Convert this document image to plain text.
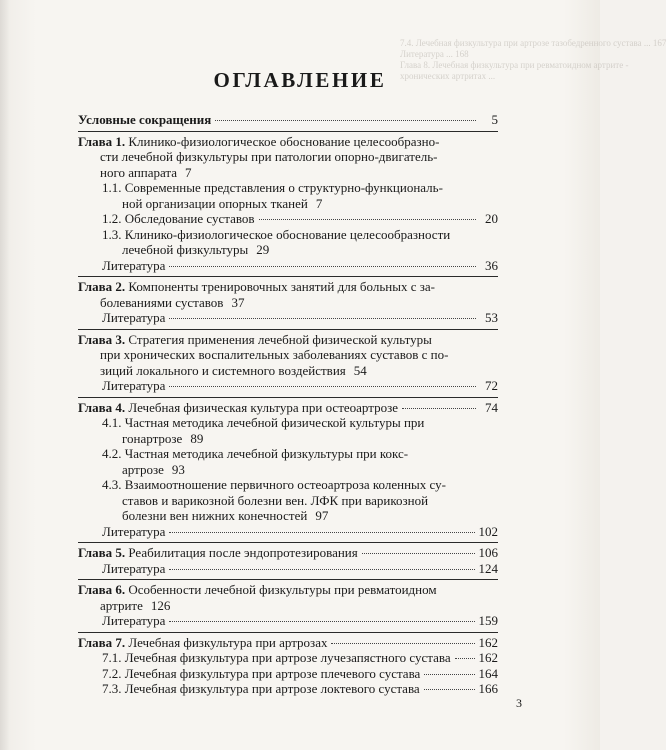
7.4. Лечебная физкультура при артрозе тазобедренного сустава ... 167
Литература ... 168
Глава 8. Лечебная физкультура при ревматоидном артрите -
хронических артритах ...
ОГЛАВЛЕНИЕ
Условные сокращения	5
Глава 1. Клинико-физиологическое обоснование целесообразно-
сти лечебной физкультуры при патологии опорно-двигатель-
ного аппарата 7
1.1. Современные представления о структурно-функциональ-
ной организации опорных тканей 7
1.2. Обследование суставов	20
1.3. Клинико-физиологическое обоснование целесообразности
лечебной физкультуры 29
Литература	36
Глава 2. Компоненты тренировочных занятий для больных с за-
болеваниями суставов 37
Литература	53
Глава 3. Стратегия применения лечебной физической культуры
при хронических воспалительных заболеваниях суставов с по-
зиций локального и системного воздействия 54
Литература	72
Глава 4. Лечебная физическая культура при остеоартрозе	74
4.1. Частная методика лечебной физической культуры при
гонартрозе 89
4.2. Частная методика лечебной физкультуры при кокс-
артрозе 93
4.3. Взаимоотношение первичного остеоартроза коленных су-
ставов и варикозной болезни вен. ЛФК при варикозной
болезни вен нижних конечностей 97
Литература	102
Глава 5. Реабилитация после эндопротезирования	106
Литература	124
Глава 6. Особенности лечебной физкультуры при ревматоидном
артрите 126
Литература	159
Глава 7. Лечебная физкультура при артрозах	162
7.1. Лечебная физкультура при артрозе лучезапястного сустава 162
7.2. Лечебная физкультура при артрозе плечевого сустава	164
7.3. Лечебная физкультура при артрозе локтевого сустава	166
3
